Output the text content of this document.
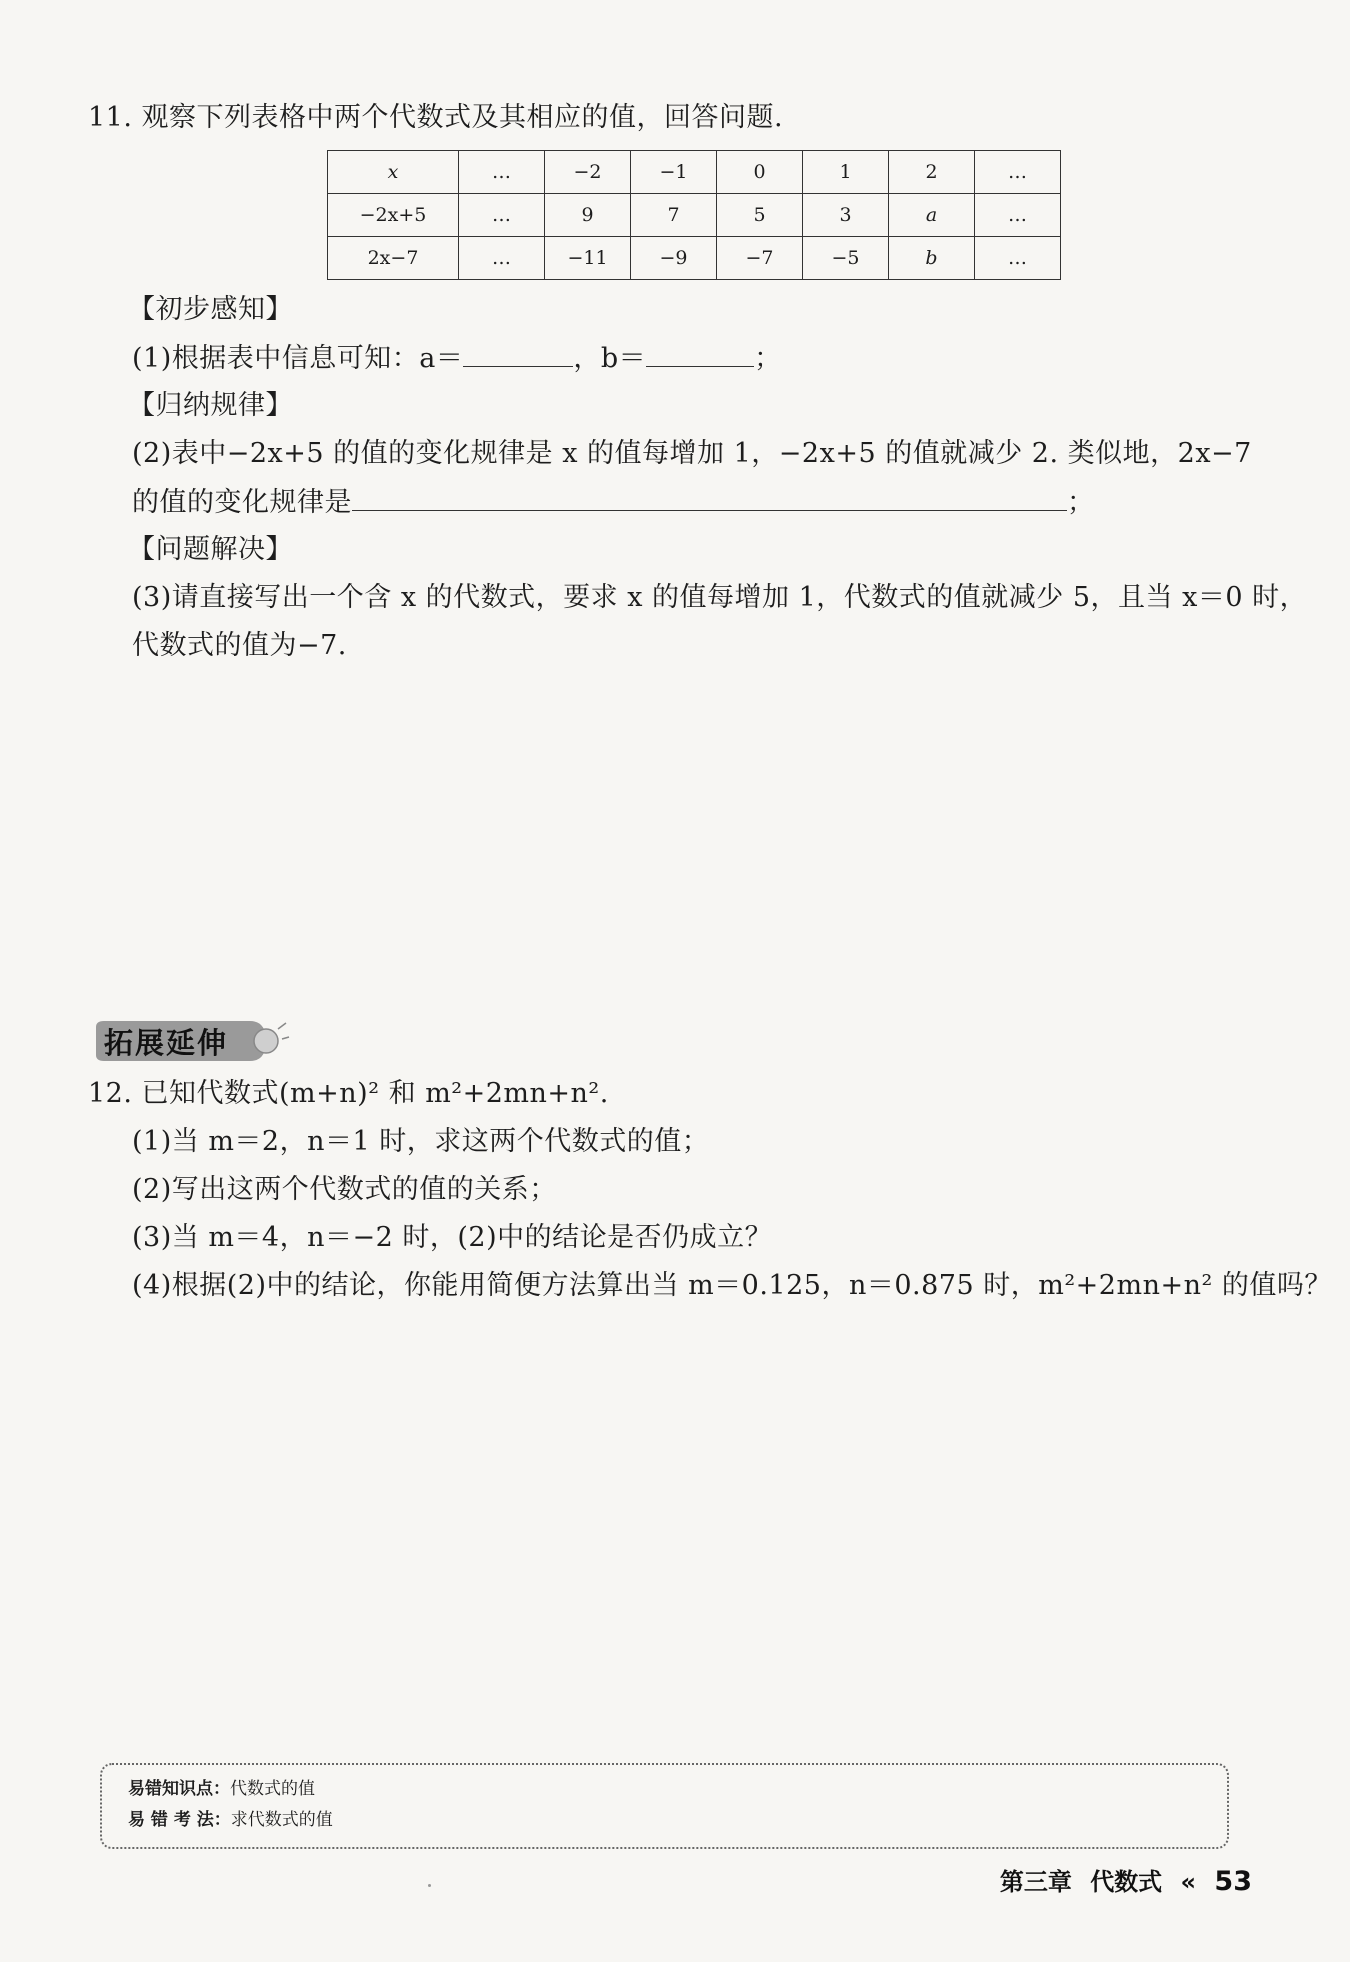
11. 观察下列表格中两个代数式及其相应的值，回答问题.
x	…	−2	−1	0	1	2	…
−2x+5	…	9	7	5	3	a	…
2x−7	…	−11	−9	−7	−5	b	…
【初步感知】
(1)根据表中信息可知：a＝	，b＝	；
【归纳规律】
(2)表中−2x+5 的值的变化规律是 x 的值每增加 1，−2x+5 的值就减少 2. 类似地，2x−7
的值的变化规律是	；
【问题解决】
(3)请直接写出一个含 x 的代数式，要求 x 的值每增加 1，代数式的值就减少 5，且当 x＝0 时，
代数式的值为−7.
拓展延伸
12. 已知代数式(m+n)² 和 m²+2mn+n².
(1)当 m＝2，n＝1 时，求这两个代数式的值；
(2)写出这两个代数式的值的关系；
(3)当 m＝4，n＝−2 时，(2)中的结论是否仍成立？
(4)根据(2)中的结论，你能用简便方法算出当 m＝0.125，n＝0.875 时，m²+2mn+n² 的值吗？
易错知识点：代数式的值
易 错 考 法：求代数式的值
第三章 代数式 « 53
